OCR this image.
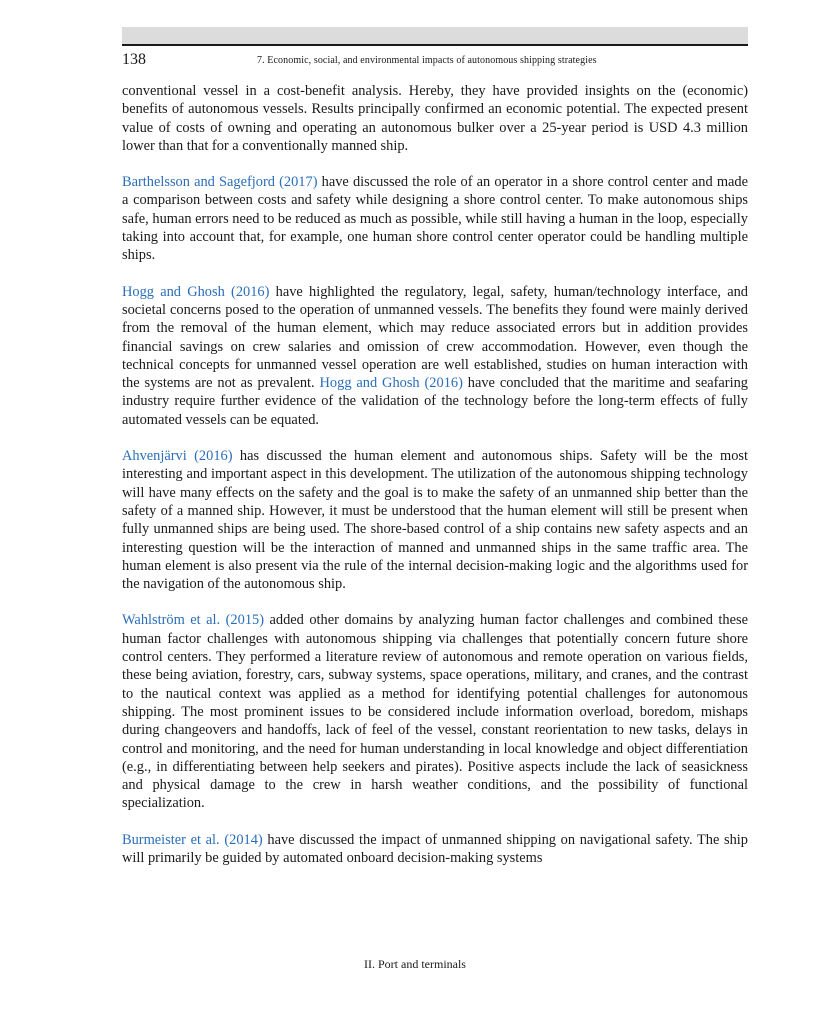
138	7. Economic, social, and environmental impacts of autonomous shipping strategies

conventional vessel in a cost-benefit analysis. Hereby, they have provided insights on the (economic) benefits of autonomous vessels. Results principally confirmed an economic potential. The expected present value of costs of owning and operating an autonomous bulker over a 25-year period is USD 4.3 million lower than that for a conventionally manned ship.

Barthelsson and Sagefjord (2017) have discussed the role of an operator in a shore control center and made a comparison between costs and safety while designing a shore control center. To make autonomous ships safe, human errors need to be reduced as much as possible, while still having a human in the loop, especially taking into account that, for example, one human shore control center operator could be handling multiple ships.

Hogg and Ghosh (2016) have highlighted the regulatory, legal, safety, human/technology interface, and societal concerns posed to the operation of unmanned vessels. The benefits they found were mainly derived from the removal of the human element, which may reduce associated errors but in addition provides financial savings on crew salaries and omission of crew accommodation. However, even though the technical concepts for unmanned vessel operation are well established, studies on human interaction with the systems are not as prevalent. Hogg and Ghosh (2016) have concluded that the maritime and seafaring industry require further evidence of the validation of the technology before the long-term effects of fully automated vessels can be equated.

Ahvenjärvi (2016) has discussed the human element and autonomous ships. Safety will be the most interesting and important aspect in this development. The utilization of the autonomous shipping technology will have many effects on the safety and the goal is to make the safety of an unmanned ship better than the safety of a manned ship. However, it must be understood that the human element will still be present when fully unmanned ships are being used. The shore-based control of a ship contains new safety aspects and an interesting question will be the interaction of manned and unmanned ships in the same traffic area. The human element is also present via the rule of the internal decision-making logic and the algorithms used for the navigation of the autonomous ship.

Wahlström et al. (2015) added other domains by analyzing human factor challenges and combined these human factor challenges with autonomous shipping via challenges that potentially concern future shore control centers. They performed a literature review of autonomous and remote operation on various fields, these being aviation, forestry, cars, subway systems, space operations, military, and cranes, and the contrast to the nautical context was applied as a method for identifying potential challenges for autonomous shipping. The most prominent issues to be considered include information overload, boredom, mishaps during changeovers and handoffs, lack of feel of the vessel, constant reorientation to new tasks, delays in control and monitoring, and the need for human understanding in local knowledge and object differentiation (e.g., in differentiating between help seekers and pirates). Positive aspects include the lack of seasickness and physical damage to the crew in harsh weather conditions, and the possibility of functional specialization.

Burmeister et al. (2014) have discussed the impact of unmanned shipping on navigational safety. The ship will primarily be guided by automated onboard decision-making systems

II. Port and terminals
